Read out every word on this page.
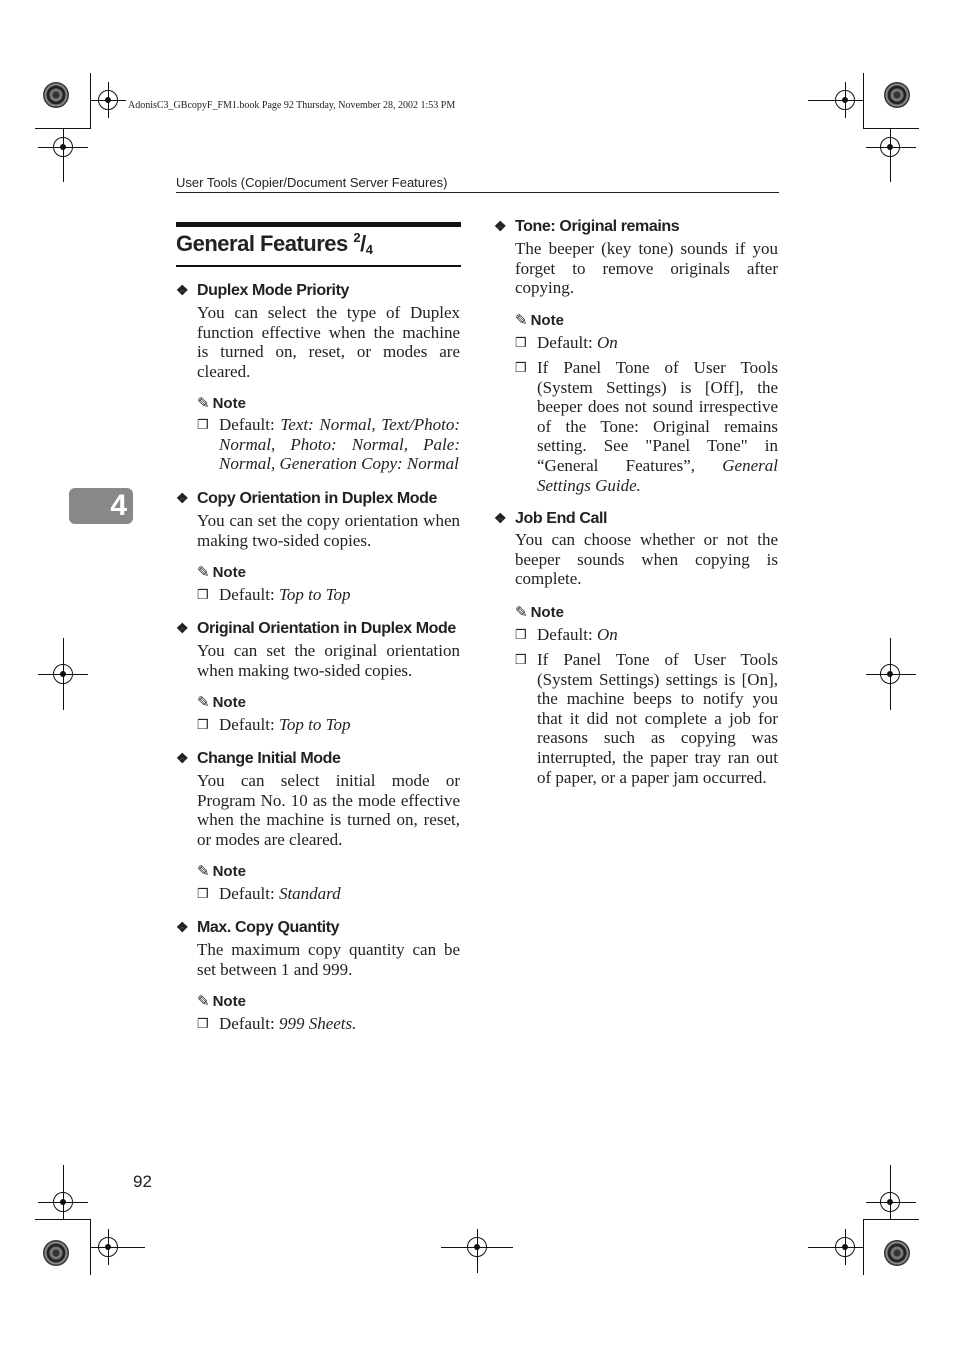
AdonisC3_GBcopyF_FM1.book Page 92 Thursday, November 28, 2002 1:53 PM
User Tools (Copier/Document Server Features)
4
General Features $^2/_4$
❖ Duplex Mode Priority
You can select the type of Duplex function effective when the machine is turned on, reset, or modes are cleared.
✎ Note
❒ Default: Text: Normal, Text/Photo: Normal, Photo: Normal, Pale: Normal, Generation Copy: Normal
❖ Copy Orientation in Duplex Mode
You can set the copy orientation when making two-sided copies.
✎ Note
❒ Default: Top to Top
❖ Original Orientation in Duplex Mode
You can set the original orientation when making two-sided copies.
✎ Note
❒ Default: Top to Top
❖ Change Initial Mode
You can select initial mode or Program No. 10 as the mode effective when the machine is turned on, reset, or modes are cleared.
✎ Note
❒ Default: Standard
❖ Max. Copy Quantity
The maximum copy quantity can be set between 1 and 999.
✎ Note
❒ Default: 999 Sheets.
❖ Tone: Original remains
The beeper (key tone) sounds if you forget to remove originals after copying.
✎ Note
❒ Default: On
❒ If Panel Tone of User Tools (System Settings) is [Off], the beeper does not sound irrespective of the Tone: Original remains setting. See "Panel Tone" in “General Features”, General Settings Guide.
❖ Job End Call
You can choose whether or not the beeper sounds when copying is complete.
✎ Note
❒ Default: On
❒ If Panel Tone of User Tools (System Settings) settings is [On], the machine beeps to notify you that it did not complete a job for reasons such as copying was interrupted, the paper tray ran out of paper, or a paper jam occurred.
92
